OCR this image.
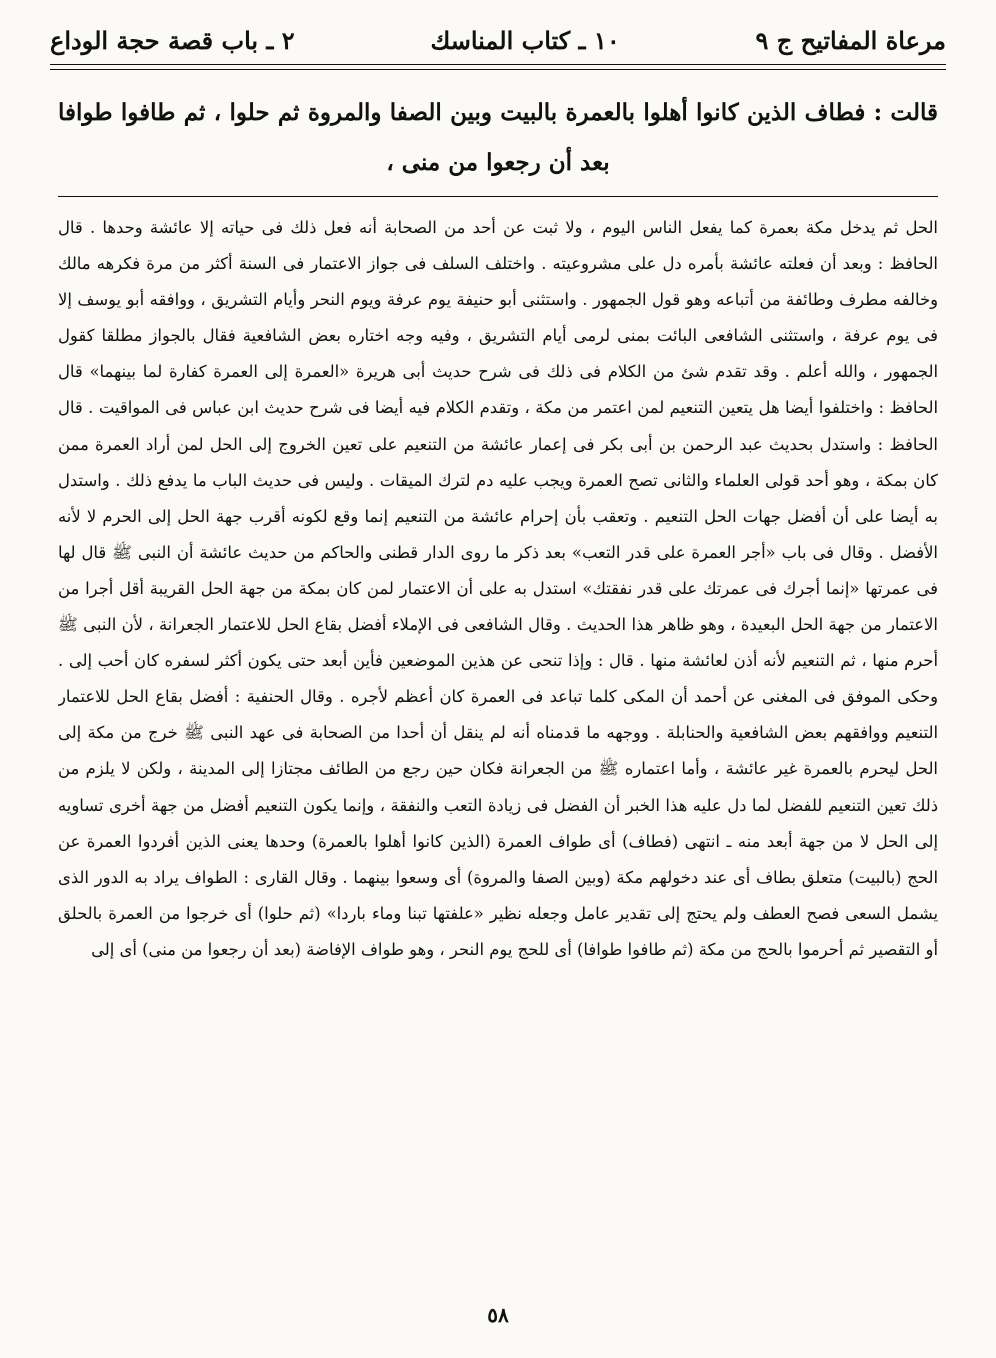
مرعاة المفاتيح ج ٩
١٠ ـ كتاب المناسك
٢ ـ باب قصة حجة الوداع
قالت : فطاف الذين كانوا أهلوا بالعمرة بالبيت وبين الصفا والمروة ثم حلوا ، ثم طافوا طوافا بعد أن رجعوا من منى ،

الحل ثم يدخل مكة بعمرة كما يفعل الناس اليوم ، ولا ثبت عن أحد من الصحابة أنه فعل ذلك فى حياته إلا عائشة وحدها . قال الحافظ : وبعد أن فعلته عائشة بأمره دل على مشروعيته . واختلف السلف فى جواز الاعتمار فى السنة أكثر من مرة فكرهه مالك وخالفه مطرف وطائفة من أتباعه وهو قول الجمهور . واستثنى أبو حنيفة يوم عرفة ويوم النحر وأيام التشريق ، ووافقه أبو يوسف إلا فى يوم عرفة ، واستثنى الشافعى البائت بمنى لرمى أيام التشريق ، وفيه وجه اختاره بعض الشافعية فقال بالجواز مطلقا كقول الجمهور ، والله أعلم . وقد تقدم شئ من الكلام فى ذلك فى شرح حديث أبى هريرة «العمرة إلى العمرة كفارة لما بينهما» قال الحافظ : واختلفوا أيضا هل يتعين التنعيم لمن اعتمر من مكة ، وتقدم الكلام فيه أيضا فى شرح حديث ابن عباس فى المواقيت . قال الحافظ : واستدل بحديث عبد الرحمن بن أبى بكر فى إعمار عائشة من التنعيم على تعين الخروج إلى الحل لمن أراد العمرة ممن كان بمكة ، وهو أحد قولى العلماء والثانى تصح العمرة ويجب عليه دم لترك الميقات . وليس فى حديث الباب ما يدفع ذلك . واستدل به أيضا على أن أفضل جهات الحل التنعيم . وتعقب بأن إحرام عائشة من التنعيم إنما وقع لكونه أقرب جهة الحل إلى الحرم لا لأنه الأفضل . وقال فى باب «أجر العمرة على قدر التعب» بعد ذكر ما روى الدار قطنى والحاكم من حديث عائشة أن النبى ﷺ قال لها فى عمرتها «إنما أجرك فى عمرتك على قدر نفقتك» استدل به على أن الاعتمار لمن كان بمكة من جهة الحل القريبة أقل أجرا من الاعتمار من جهة الحل البعيدة ، وهو ظاهر هذا الحديث . وقال الشافعى فى الإملاء أفضل بقاع الحل للاعتمار الجعرانة ، لأن النبى ﷺ أحرم منها ، ثم التنعيم لأنه أذن لعائشة منها . قال : وإذا تنحى عن هذين الموضعين فأين أبعد حتى يكون أكثر لسفره كان أحب إلى . وحكى الموفق فى المغنى عن أحمد أن المكى كلما تباعد فى العمرة كان أعظم لأجره . وقال الحنفية : أفضل بقاع الحل للاعتمار التنعيم ووافقهم بعض الشافعية والحنابلة . ووجهه ما قدمناه أنه لم ينقل أن أحدا من الصحابة فى عهد النبى ﷺ خرج من مكة إلى الحل ليحرم بالعمرة غير عائشة ، وأما اعتماره ﷺ من الجعرانة فكان حين رجع من الطائف مجتازا إلى المدينة ، ولكن لا يلزم من ذلك تعين التنعيم للفضل لما دل عليه هذا الخبر أن الفضل فى زيادة التعب والنفقة ، وإنما يكون التنعيم أفضل من جهة أخرى تساويه إلى الحل لا من جهة أبعد منه ـ انتهى (فطاف) أى طواف العمرة (الذين كانوا أهلوا بالعمرة) وحدها يعنى الذين أفردوا العمرة عن الحج (بالبيت) متعلق بطاف أى عند دخولهم مكة (وبين الصفا والمروة) أى وسعوا بينهما . وقال القارى : الطواف يراد به الدور الذى يشمل السعى فصح العطف ولم يحتج إلى تقدير عامل وجعله نظير «علفتها تبنا وماء باردا» (ثم حلوا) أى خرجوا من العمرة بالحلق أو التقصير ثم أحرموا بالحج من مكة (ثم طافوا طوافا) أى للحج يوم النحر ، وهو طواف الإفاضة (بعد أن رجعوا من منى) أى إلى

٥٨
